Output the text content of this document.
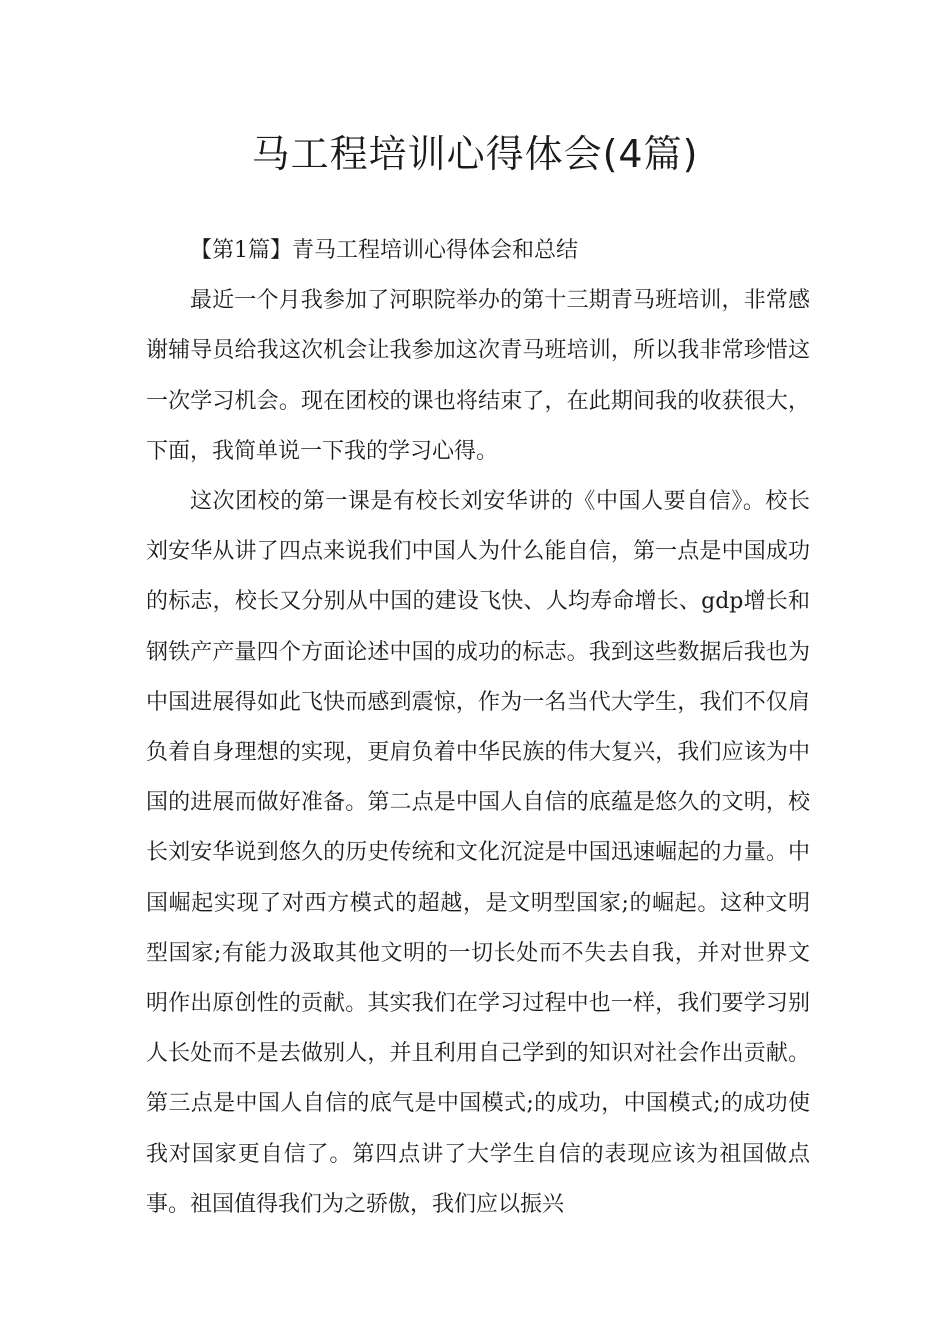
马工程培训心得体会(4篇)
【第1篇】青马工程培训心得体会和总结

最近一个月我参加了河职院举办的第十三期青马班培训，非常感谢辅导员给我这次机会让我参加这次青马班培训，所以我非常珍惜这一次学习机会。现在团校的课也将结束了，在此期间我的收获很大，下面，我简单说一下我的学习心得。

这次团校的第一课是有校长刘安华讲的《中国人要自信》。校长刘安华从讲了四点来说我们中国人为什么能自信，第一点是中国成功的标志，校长又分别从中国的建设飞快、人均寿命增长、gdp增长和钢铁产产量四个方面论述中国的成功的标志。我到这些数据后我也为中国进展得如此飞快而感到震惊，作为一名当代大学生，我们不仅肩负着自身理想的实现，更肩负着中华民族的伟大复兴，我们应该为中国的进展而做好准备。第二点是中国人自信的底蕴是悠久的文明，校长刘安华说到悠久的历史传统和文化沉淀是中国迅速崛起的力量。中国崛起实现了对西方模式的超越，是文明型国家;的崛起。这种文明型国家;有能力汲取其他文明的一切长处而不失去自我，并对世界文明作出原创性的贡献。其实我们在学习过程中也一样，我们要学习别人长处而不是去做别人，并且利用自己学到的知识对社会作出贡献。第三点是中国人自信的底气是中国模式;的成功，中国模式;的成功使我对国家更自信了。第四点讲了大学生自信的表现应该为祖国做点事。祖国值得我们为之骄傲，我们应以振兴
